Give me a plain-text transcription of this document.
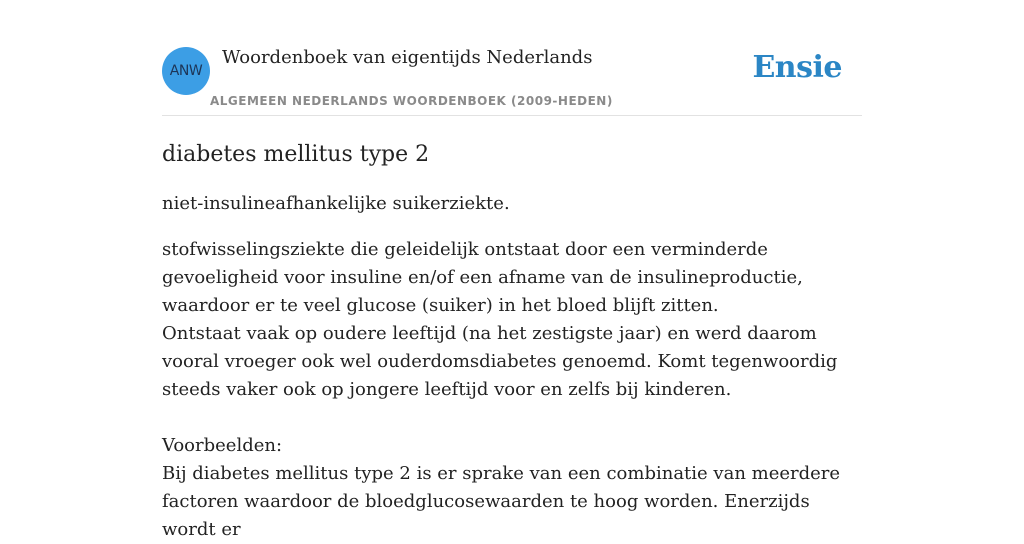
ANW
Woordenboek van eigentijds Nederlands
ALGEMEEN NEDERLANDS WOORDENBOEK (2009-HEDEN)
Ensie
diabetes mellitus type 2

niet-insulineafhankelijke suikerziekte.

stofwisselingsziekte die geleidelijk ontstaat door een verminderde gevoeligheid voor insuline en/of een afname van de insulineproductie, waardoor er te veel glucose (suiker) in het bloed blijft zitten.
Ontstaat vaak op oudere leeftijd (na het zestigste jaar) en werd daarom vooral vroeger ook wel ouderdomsdiabetes genoemd. Komt tegenwoordig steeds vaker ook op jongere leeftijd voor en zelfs bij kinderen.
Voorbeelden:
Bij diabetes mellitus type 2 is er sprake van een combinatie van meerdere factoren waardoor de bloedglucosewaarden te hoog worden. Enerzijds wordt er
